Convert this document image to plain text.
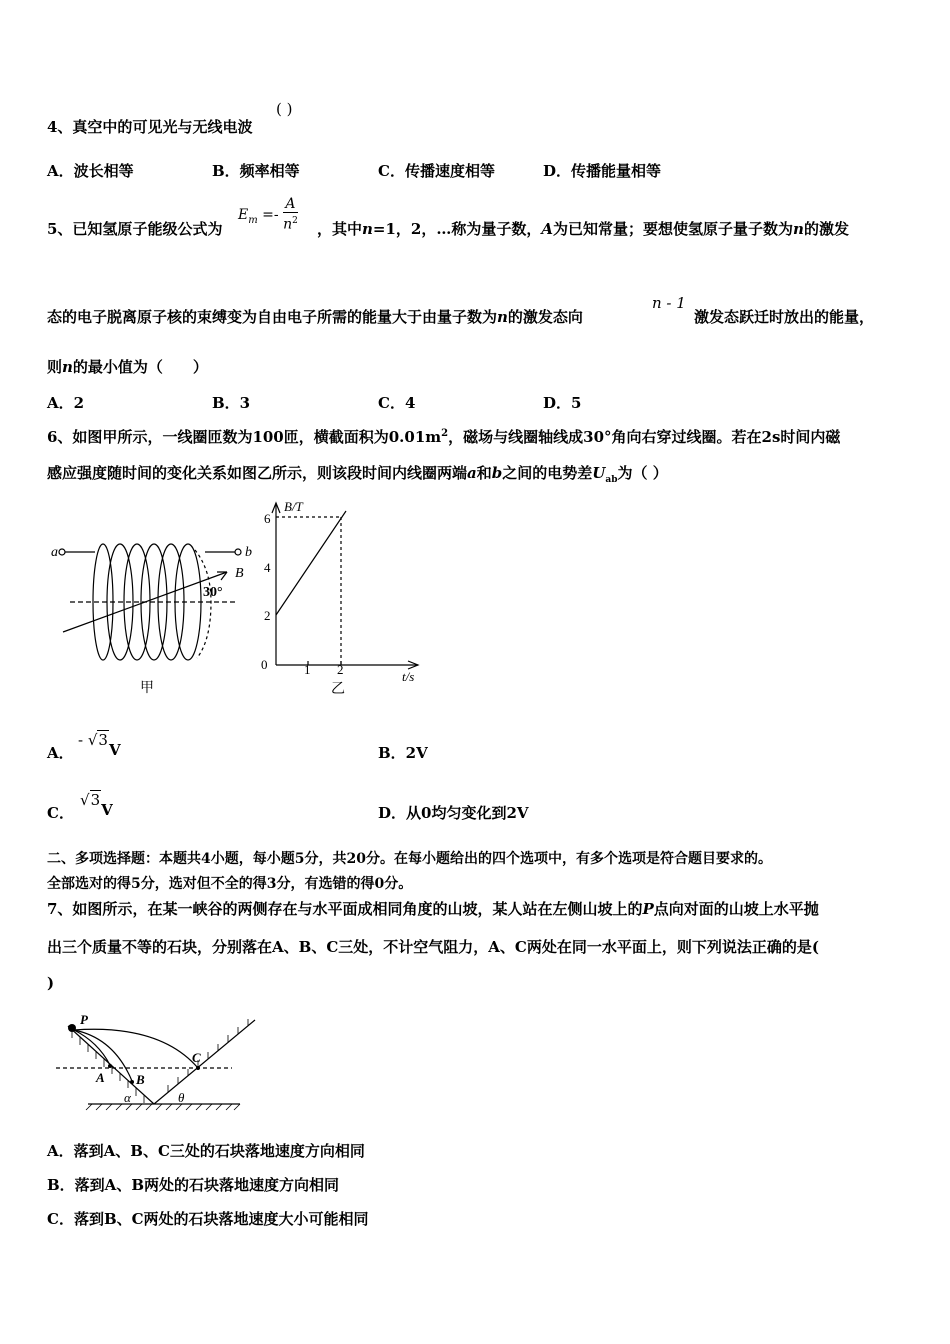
4、真空中的可见光与无线电波
( )
A．波长相等	B．频率相等	C．传播速度相等	D．传播能量相等
5、已知氢原子能级公式为
$E_m =- \frac{A}{n^2}$ ，其中n=1，2，…称为量子数，A为已知常量；要想使氢原子量子数为n的激发
态的电子脱离原子核的束缚变为自由电子所需的能量大于由量子数为n的激发态向
n - 1
激发态跃迁时放出的能量，
则n的最小值为（　　）
A．2	B．3	C．4	D．5
6、如图甲所示，一线圈匝数为100匝，横截面积为$0.01m^2$，磁场与线圈轴线成30°角向右穿过线圈。若在2s时间内磁
感应强度随时间的变化关系如图乙所示，则该段时间内线圈两端a和b之间的电势差$U_{ab}$为（ ）
a	b
B
30°
甲
B/T
0
2
4
6
1 2	t/s
乙
A．
- √3V	B．2V
C．
√3V	D．从0均匀变化到2V
二、多项选择题：本题共4小题，每小题5分，共20分。在每小题给出的四个选项中，有多个选项是符合题目要求的。
全部选对的得5分，选对但不全的得3分，有选错的得0分。
7、如图所示，在某一峡谷的两侧存在与水平面成相同角度的山坡，某人站在左侧山坡上的P点向对面的山坡上水平抛
出三个质量不等的石块，分别落在A、B、C三处，不计空气阻力，A、C两处在同一水平面上，则下列说法正确的是(
)
P
A B
C
α	θ
A．落到A、B、C三处的石块落地速度方向相同
B．落到A、B两处的石块落地速度方向相同
C．落到B、C两处的石块落地速度大小可能相同
